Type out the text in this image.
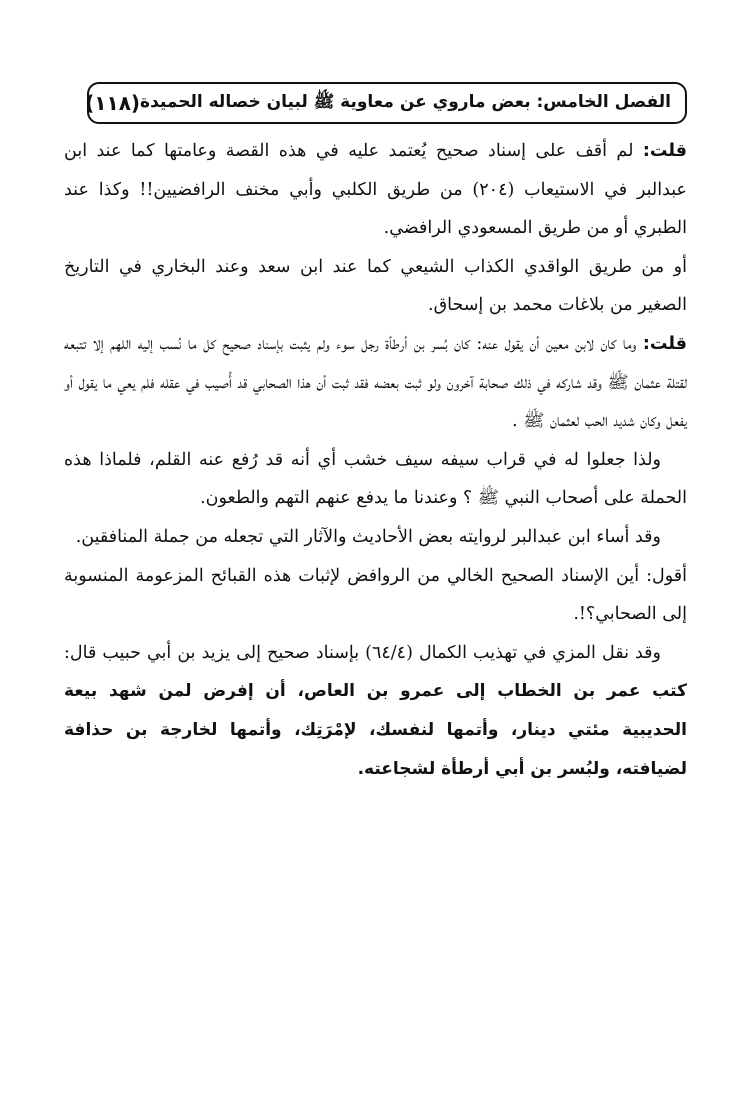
الفصل الخامس: بعض ماروي عن معاوية ﷺ لبيان خصاله الحميدة
(١١٨)

قلت: لم أقف على إسناد صحيح يُعتمد عليه في هذه القصة وعامتها كما عند ابن عبدالبر في الاستيعاب (٢٠٤) من طريق الكلبي وأبي مخنف الرافضيين!! وكذا عند الطبري أو من طريق المسعودي الرافضي.

أو من طريق الواقدي الكذاب الشيعي كما عند ابن سعد وعند البخاري في التاريخ الصغير من بلاغات محمد بن إسحاق.

قلت: وما كان لابن معين أن يقول عنه: كان بُسر بن أرطأة رجل سوء ولم يثبت بإسناد صحيح كل ما نُسب إليه اللهم إلا تتبعه لقتلة عثمان ﷺ وقد شاركه في ذلك صحابة آخرون ولو ثبت بعضه فقد ثبت أن هذا الصحابي قد أُصيب في عقله فلم يعي ما يقول أو يفعل وكان شديد الحب لعثمان ﷺ .

ولذا جعلوا له في قراب سيفه سيف خشب أي أنه قد رُفع عنه القلم، فلماذا هذه الحملة على أصحاب النبي ﷺ ؟ وعندنا ما يدفع عنهم التهم والطعون.

وقد أساء ابن عبدالبر لروايته بعض الأحاديث والآثار التي تجعله من جملة المنافقين.

أقول: أين الإسناد الصحيح الخالي من الروافض لإثبات هذه القبائح المزعومة المنسوبة إلى الصحابي؟!.

وقد نقل المزي في تهذيب الكمال (٦٤/٤) بإسناد صحيح إلى يزيد بن أبي حبيب قال: كتب عمر بن الخطاب إلى عمرو بن العاص، أن إفرض لمن شهد بيعة الحديبية مئتي دينار، وأتمها لنفسك، لإمْرَتِك، وأتمها لخارجة بن حذافة لضيافته، ولبُسر بن أبي أرطأة لشجاعته.
